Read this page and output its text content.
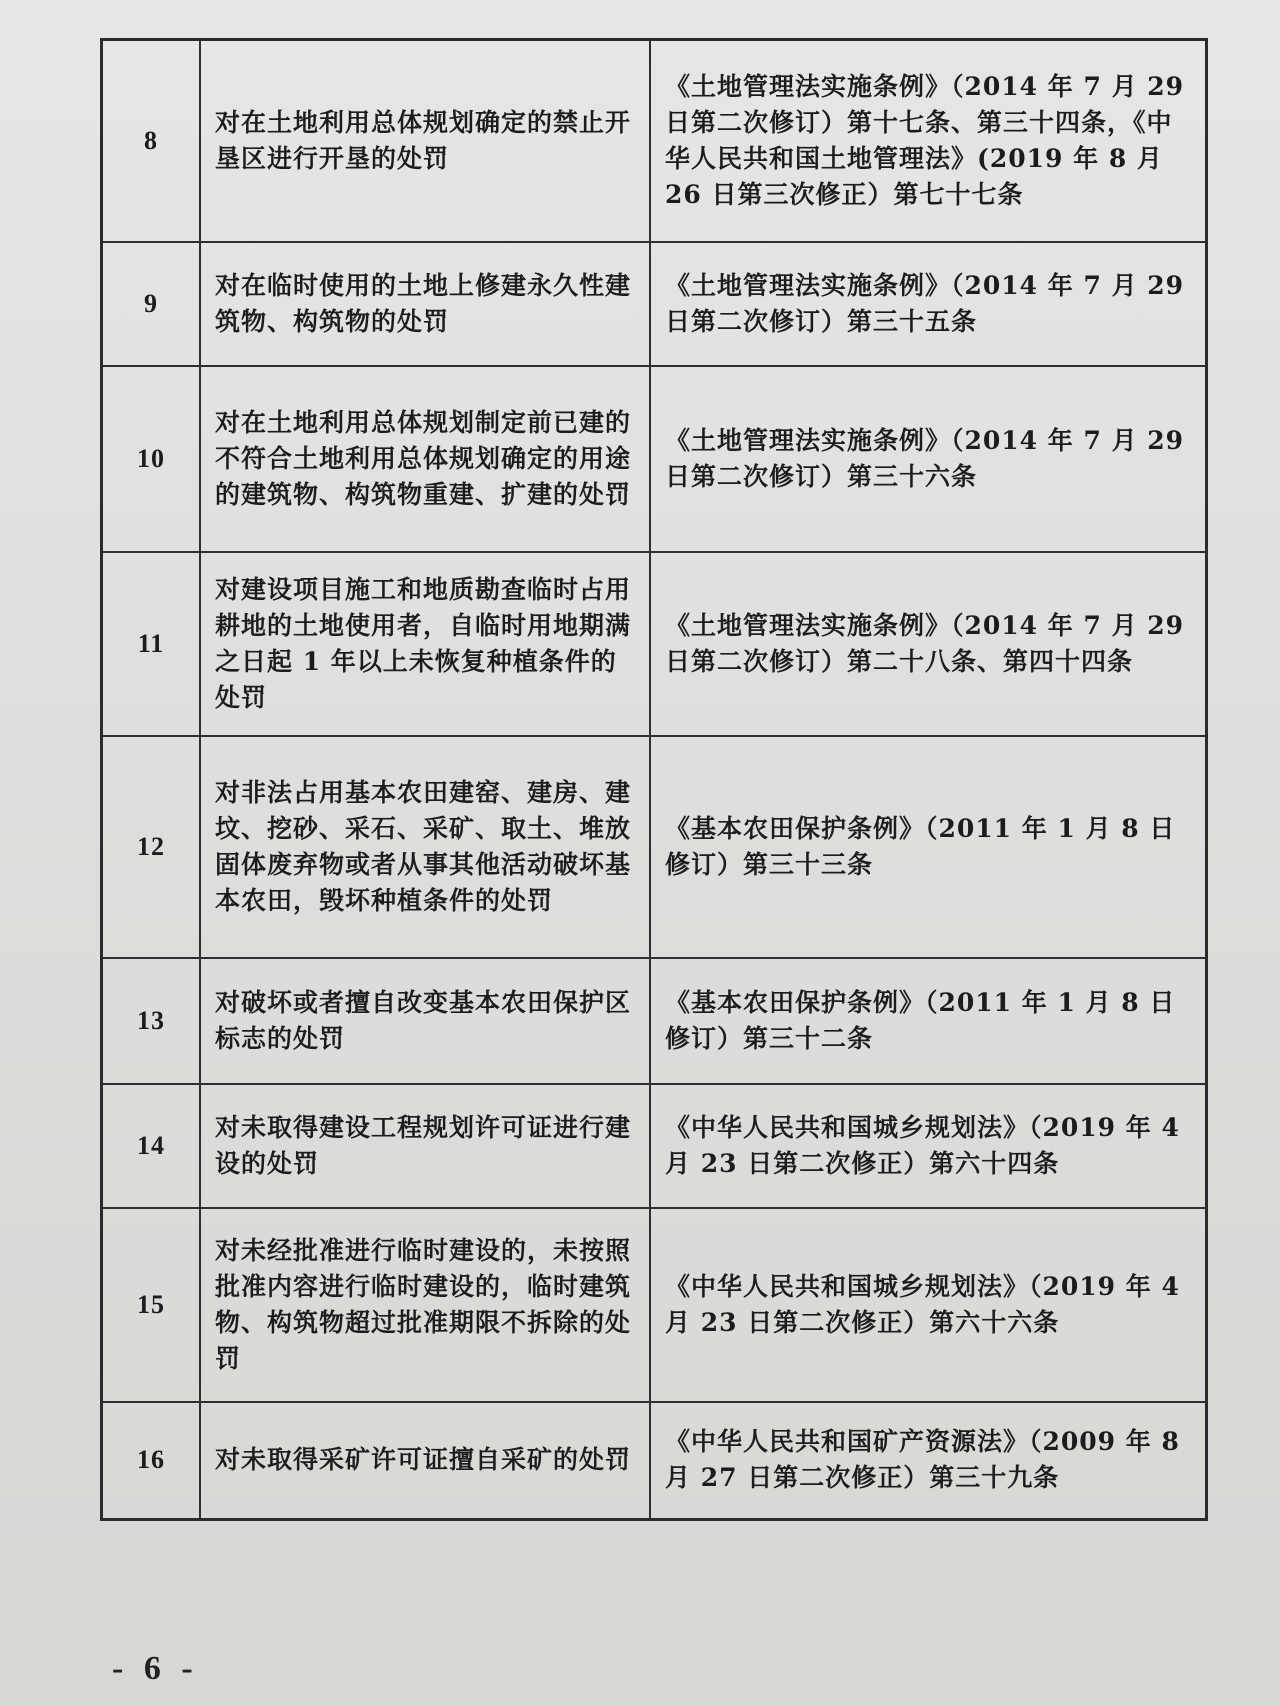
8	对在土地利用总体规划确定的禁止开垦区进行开垦的处罚	《土地管理法实施条例》（2014 年 7 月 29 日第二次修订）第十七条、第三十四条，《中华人民共和国土地管理法》(2019 年 8 月 26 日第三次修正）第七十七条
9	对在临时使用的土地上修建永久性建筑物、构筑物的处罚	《土地管理法实施条例》（2014 年 7 月 29 日第二次修订）第三十五条
10	对在土地利用总体规划制定前已建的不符合土地利用总体规划确定的用途的建筑物、构筑物重建、扩建的处罚	《土地管理法实施条例》（2014 年 7 月 29 日第二次修订）第三十六条
11	对建设项目施工和地质勘查临时占用耕地的土地使用者，自临时用地期满之日起 1 年以上未恢复种植条件的处罚	《土地管理法实施条例》（2014 年 7 月 29 日第二次修订）第二十八条、第四十四条
12	对非法占用基本农田建窑、建房、建坟、挖砂、采石、采矿、取土、堆放固体废弃物或者从事其他活动破坏基本农田，毁坏种植条件的处罚	《基本农田保护条例》（2011 年 1 月 8 日修订）第三十三条
13	对破坏或者擅自改变基本农田保护区标志的处罚	《基本农田保护条例》（2011 年 1 月 8 日修订）第三十二条
14	对未取得建设工程规划许可证进行建设的处罚	《中华人民共和国城乡规划法》（2019 年 4 月 23 日第二次修正）第六十四条
15	对未经批准进行临时建设的，未按照批准内容进行临时建设的，临时建筑物、构筑物超过批准期限不拆除的处罚	《中华人民共和国城乡规划法》（2019 年 4 月 23 日第二次修正）第六十六条
16	对未取得采矿许可证擅自采矿的处罚	《中华人民共和国矿产资源法》（2009 年 8 月 27 日第二次修正）第三十九条
- 6 -
